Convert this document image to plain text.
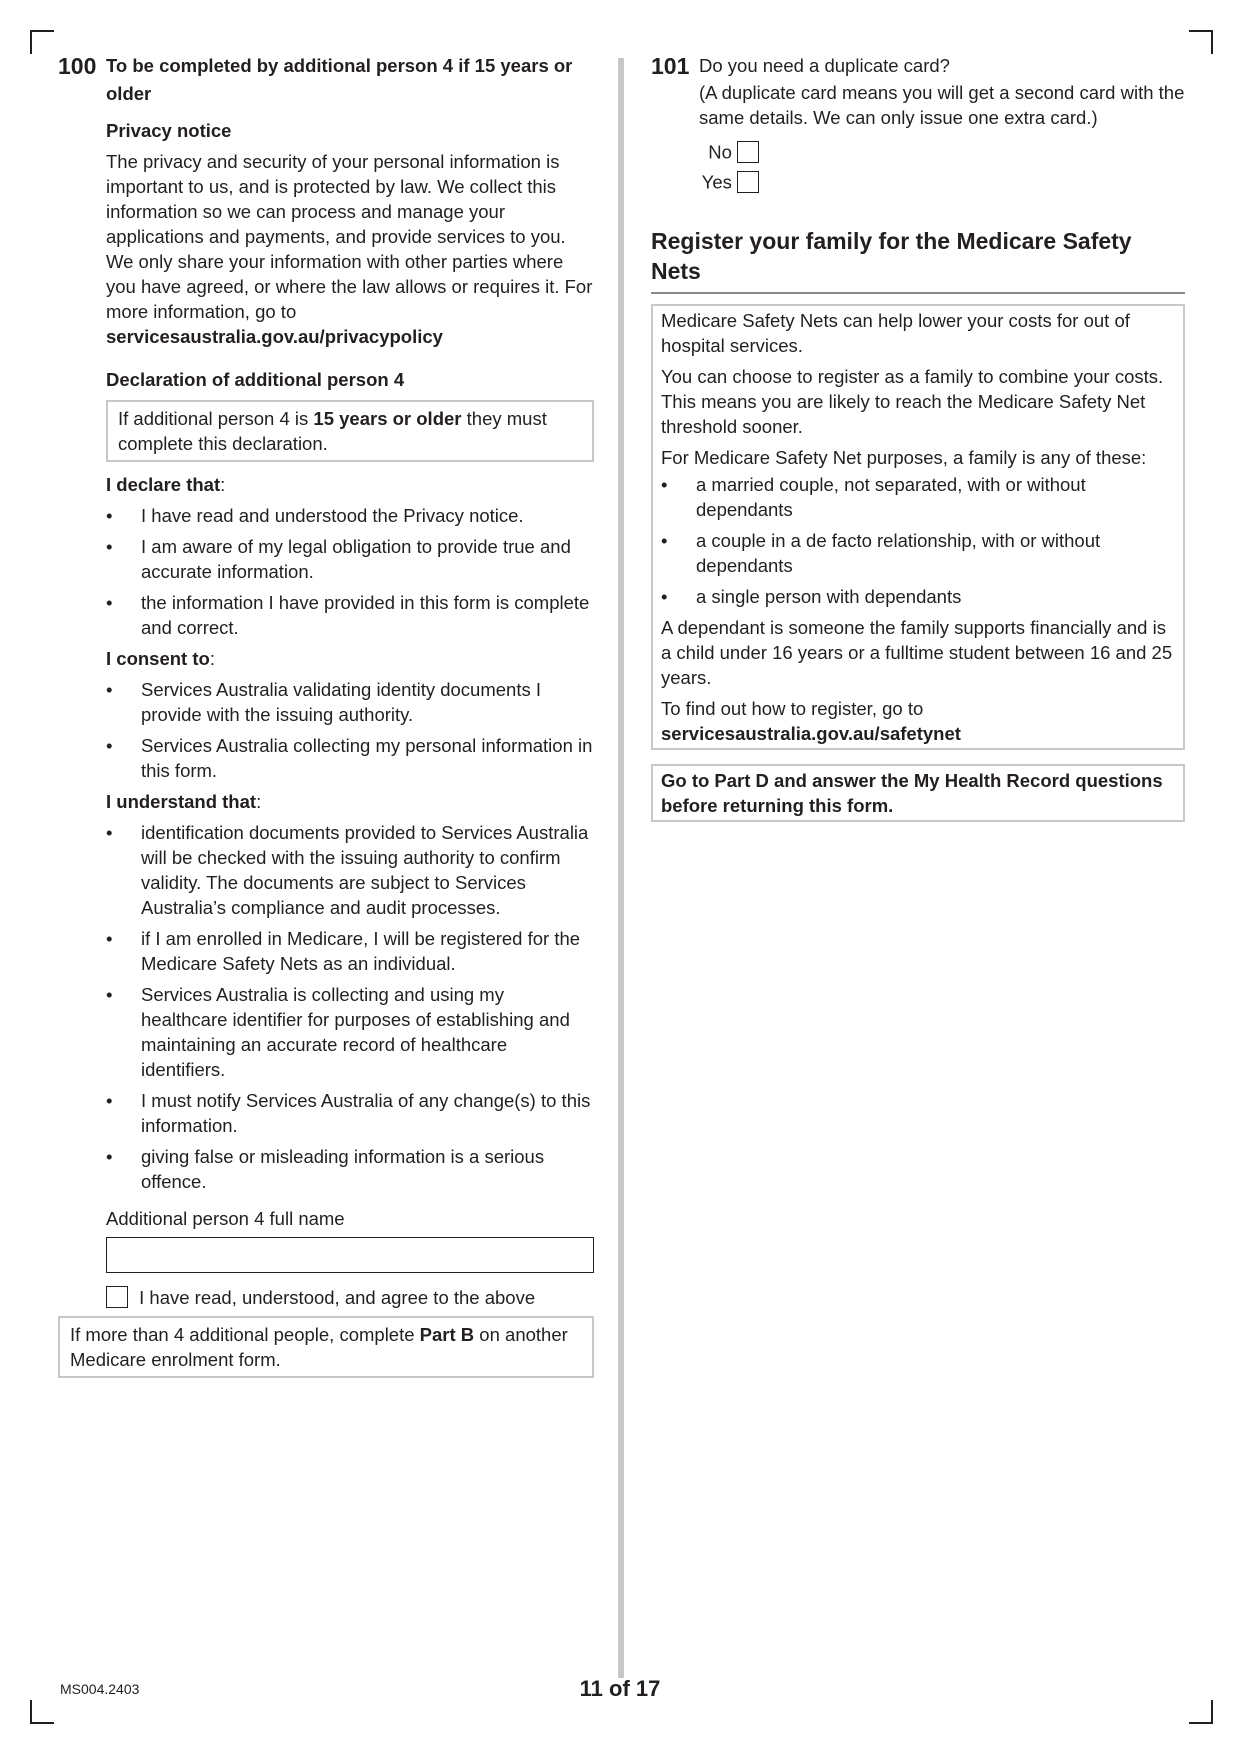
100 To be completed by additional person 4 if 15 years or older
Privacy notice

The privacy and security of your personal information is important to us, and is protected by law. We collect this information so we can process and manage your applications and payments, and provide services to you. We only share your information with other parties where you have agreed, or where the law allows or requires it. For more information, go to servicesaustralia.gov.au/privacypolicy

Declaration of additional person 4
If additional person 4 is 15 years or older they must complete this declaration.
I declare that:
• I have read and understood the Privacy notice.
• I am aware of my legal obligation to provide true and accurate information.
• the information I have provided in this form is complete and correct.
I consent to:
• Services Australia validating identity documents I provide with the issuing authority.
• Services Australia collecting my personal information in this form.
I understand that:
• identification documents provided to Services Australia will be checked with the issuing authority to confirm validity. The documents are subject to Services Australia’s compliance and audit processes.
• if I am enrolled in Medicare, I will be registered for the Medicare Safety Nets as an individual.
• Services Australia is collecting and using my healthcare identifier for purposes of establishing and maintaining an accurate record of healthcare identifiers.
• I must notify Services Australia of any change(s) to this information.
• giving false or misleading information is a serious offence.
Additional person 4 full name
I have read, understood, and agree to the above
If more than 4 additional people, complete Part B on another Medicare enrolment form.
101 Do you need a duplicate card?
(A duplicate card means you will get a second card with the same details. We can only issue one extra card.)
No
Yes
Register your family for the Medicare Safety Nets

Medicare Safety Nets can help lower your costs for out of hospital services.

You can choose to register as a family to combine your costs. This means you are likely to reach the Medicare Safety Net threshold sooner.

For Medicare Safety Net purposes, a family is any of these:

• a married couple, not separated, with or without dependants
• a couple in a de facto relationship, with or without dependants
• a single person with dependants

A dependant is someone the family supports financially and is a child under 16 years or a fulltime student between 16 and 25 years.

To find out how to register, go to

servicesaustralia.gov.au/safetynet
Go to Part D and answer the My Health Record questions before returning this form.
MS004.2403	11 of 17
